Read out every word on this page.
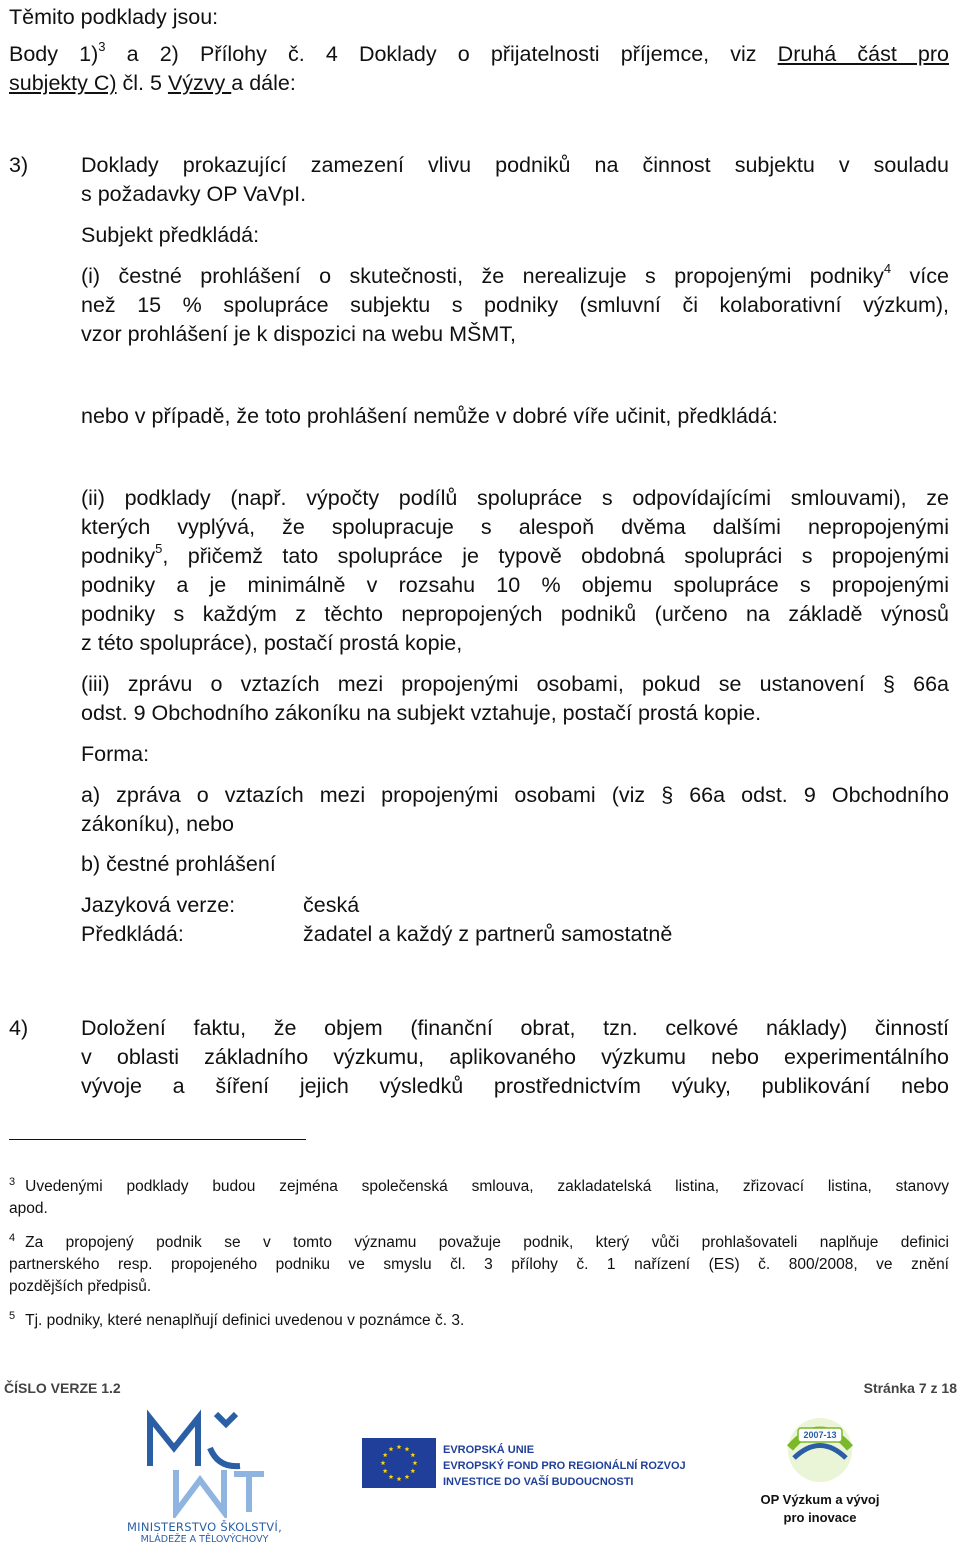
Těmito podklady jsou:
Body 1)$^3$ a 2) Přílohy č. 4 Doklady o přijatelnosti příjemce, viz Druhá část pro
subjekty C) čl. 5 Výzvy a dále:
3) Doklady prokazující zamezení vlivu podniků na činnost subjektu v souladu
s požadavky OP VaVpI.
Subjekt předkládá:
(i) čestné prohlášení o skutečnosti, že nerealizuje s propojenými podniky$^4$ více
než 15 % spolupráce subjektu s podniky (smluvní či kolaborativní výzkum),
vzor prohlášení je k dispozici na webu MŠMT,
nebo v případě, že toto prohlášení nemůže v dobré víře učinit, předkládá:
(ii) podklady (např. výpočty podílů spolupráce s odpovídajícími smlouvami), ze
kterých vyplývá, že spolupracuje s alespoň dvěma dalšími nepropojenými
podniky$^5$, přičemž tato spolupráce je typově obdobná spolupráci s propojenými
podniky a je minimálně v rozsahu 10 % objemu spolupráce s propojenými
podniky s každým z těchto nepropojených podniků (určeno na základě výnosů
z této spolupráce), postačí prostá kopie,
(iii) zprávu o vztazích mezi propojenými osobami, pokud se ustanovení § 66a
odst. 9 Obchodního zákoníku na subjekt vztahuje, postačí prostá kopie.
Forma:
a) zpráva o vztazích mezi propojenými osobami (viz § 66a odst. 9 Obchodního
zákoníku), nebo
b) čestné prohlášení
Jazyková verze:	česká
Předkládá:	žadatel a každý z partnerů samostatně
4) Doložení faktu, že objem (finanční obrat, tzn. celkové náklady) činností
v oblasti základního výzkumu, aplikovaného výzkumu nebo experimentálního
vývoje a šíření jejich výsledků prostřednictvím výuky, publikování nebo
$^3$ Uvedenými podklady budou zejména společenská smlouva, zakladatelská listina, zřizovací listina, stanovy
apod.
$^4$ Za propojený podnik se v tomto významu považuje podnik, který vůči prohlašovateli naplňuje definici
partnerského resp. propojeného podniku ve smyslu čl. 3 přílohy č. 1 nařízení (ES) č. 800/2008, ve znění
pozdějších předpisů.
$^5$ Tj. podniky, které nenaplňují definici uvedenou v poznámce č. 3.
ČÍSLO VERZE 1.2	Stránka 7 z 18
MINISTERSTVO ŠKOLSTVÍ,
MLÁDEŽE A TĚLOVÝCHOVY
EVROPSKÁ UNIE
EVROPSKÝ FOND PRO REGIONÁLNÍ ROZVOJ
INVESTICE DO VAŠÍ BUDOUCNOSTI
2007-13
OP Výzkum a vývoj
pro inovace
